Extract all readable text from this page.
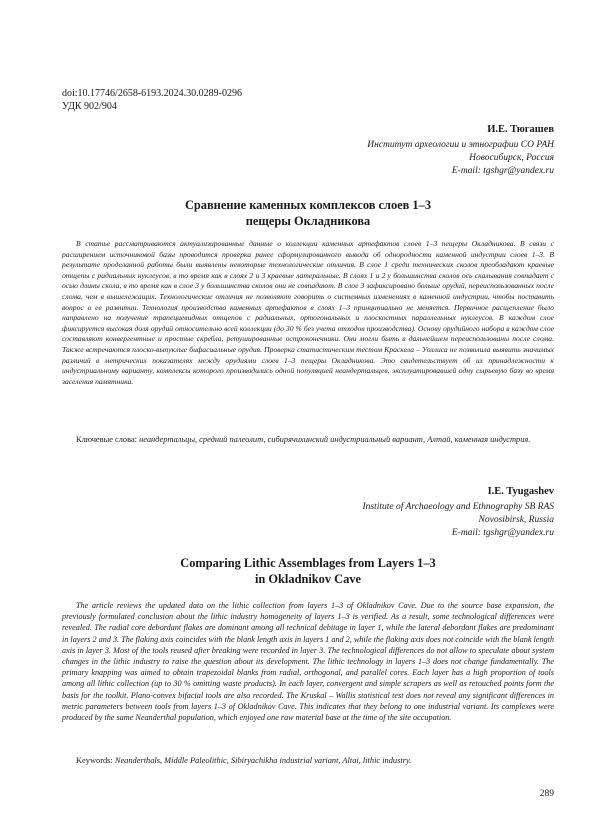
doi:10.17746/2658-6193.2024.30.0289-0296
УДК 902/904
И.Е. Тюгашев
Институт археологии и этнографии СО РАН
Новосибирск, Россия
E-mail: tgshgr@yandex.ru
Сравнение каменных комплексов слоев 1–3
пещеры Окладникова

В статье рассматриваются актуализированные данные о коллекции каменных артефактов слоев 1–3 пещеры Окладникова. В связи с расширением источниковой базы проводится проверка ранее сформулированного вывода об однородности каменной индустрии слоев 1–3. В результате проделанной работы были выявлены некоторые технологические отличия. В слое 1 среди технических сколов преобладают краевые отщепы с радиальных нуклеусов, в то время как в слоях 2 и 3 краевые латеральные. В слоях 1 и 2 у большинства сколов ось скалывания совпадает с осью длины скола, в то время как в слое 3 у большинства сколов они не совпадают. В слое 3 зафиксировано больше орудий, переиспользованных после слома, чем в вышележащих. Технологические отличия не позволяют говорить о системных изменениях в каменной индустрии, чтобы поставить вопрос о ее развитии. Технология производства каменных артефактов в слоях 1–3 принципиально не меняется. Первичное расщепление было направлено на получение трапециевидных отщепов с радиальных, ортогональных и плоскостных параллельных нуклеусов. В каждом слое фиксируется высокая доля орудий относительно всей коллекции (до 30 % без учета отходов производства). Основу орудийного набора в каждом слое составляют конвергентные и простые скребла, ретушированные остроконечники. Они могли быть в дальнейшем переиспользованы после слома. Также встречаются плоско-выпуклые бифасиальные орудия. Проверка статистическим тестом Краскела – Уоллиса не позволила выявить значимых различий в метрических показателях между орудиями слоев 1–3 пещеры Окладникова. Это свидетельствует об их принадлежности к индустриальному варианту, комплексы которого производились одной популяцией неандертальцев, эксплуатировавшей одну сырьевую базу во время заселения памятника.

Ключевые слова: неандертальцы, средний палеолит, сибирячихинский индустриальный вариант, Алтай, каменная индустрия.

I.E. Tyugashev
Institute of Archaeology and Ethnography SB RAS
Novosibirsk, Russia
E-mail: tgshgr@yandex.ru
Comparing Lithic Assemblages from Layers 1–3
in Okladnikov Cave

The article reviews the updated data on the lithic collection from layers 1–3 of Okladnikov Cave. Due to the source base expansion, the previously formulated conclusion about the lithic industry homogeneity of layers 1–3 is verified. As a result, some technological differences were revealed. The radial core debordant flakes are dominant among all technical debitage in layer 1, while the lateral debordant flakes are predominant in layers 2 and 3. The flaking axis coincides with the blank length axis in layers 1 and 2, while the flaking axis does not coincide with the blank length axis in layer 3. Most of the tools reused after breaking were recorded in layer 3. The technological differences do not allow to speculate about system changes in the lithic industry to raise the question about its development. The lithic technology in layers 1–3 does not change fundamentally. The primary knapping was aimed to obtain trapezoidal blanks from radial, orthogonal, and parallel cores. Each layer has a high proportion of tools among all lithic collection (up to 30 % omitting waste products). In each layer, convergent and simple scrapers as well as retouched points form the basis for the toolkit. Plano-convex bifacial tools are also recorded. The Kruskal – Wallis statistical test does not reveal any significant differences in metric parameters between tools from layers 1–3 of Okladnikov Cave. This indicates that they belong to one industrial variant. Its complexes were produced by the same Neanderthal population, which enjoyed one raw material base at the time of the site occupation.

Keywords: Neanderthals, Middle Paleolithic, Sibiryachikha industrial variant, Altai, lithic industry.

289
